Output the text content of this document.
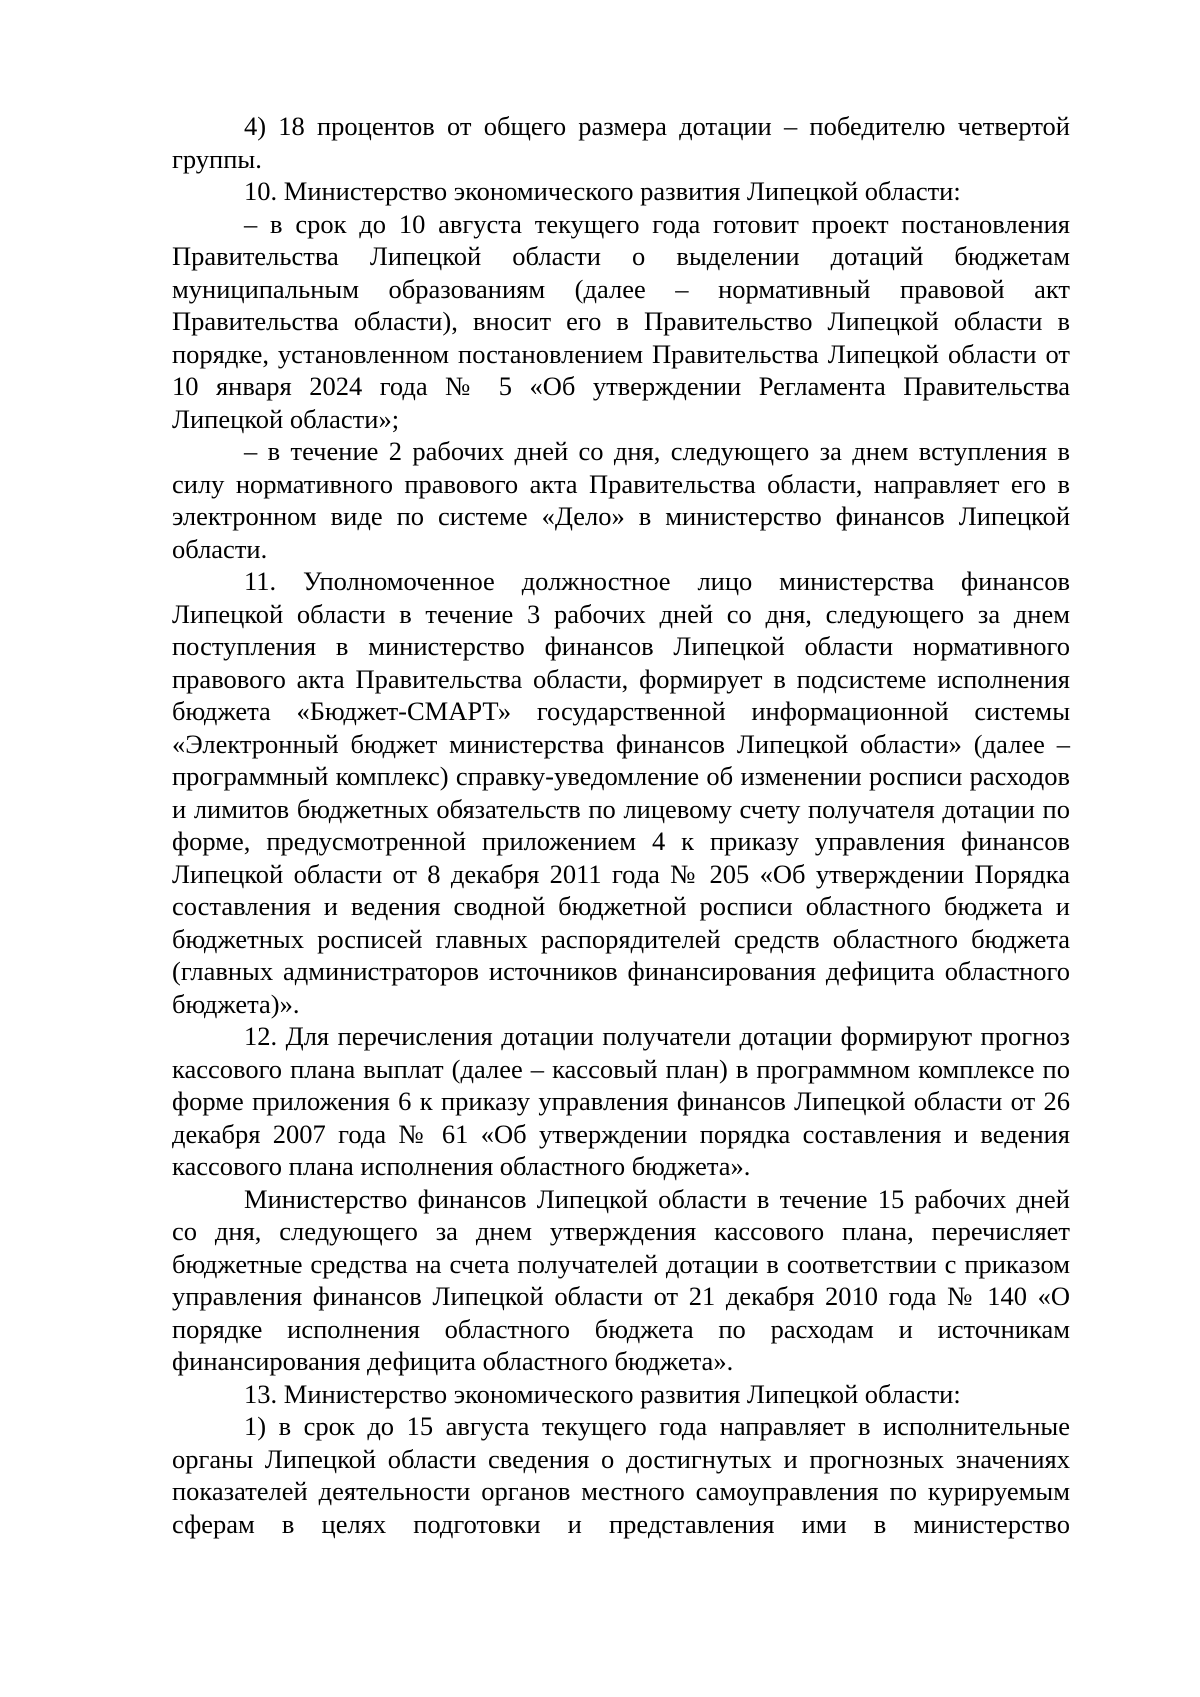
4) 18 процентов от общего размера дотации – победителю четвертой группы.

10. Министерство экономического развития Липецкой области:

– в срок до 10 августа текущего года готовит проект постановления Правительства Липецкой области о выделении дотаций бюджетам муниципальным образованиям (далее – нормативный правовой акт Правительства области), вносит его в Правительство Липецкой области в порядке, установленном постановлением Правительства Липецкой области от 10 января 2024 года № 5 «Об утверждении Регламента Правительства Липецкой области»;

– в течение 2 рабочих дней со дня, следующего за днем вступления в силу нормативного правового акта Правительства области, направляет его в электронном виде по системе «Дело» в министерство финансов Липецкой области.

11. Уполномоченное должностное лицо министерства финансов Липецкой области в течение 3 рабочих дней со дня, следующего за днем поступления в министерство финансов Липецкой области нормативного правового акта Правительства области, формирует в подсистеме исполнения бюджета «Бюджет-СМАРТ» государственной информационной системы «Электронный бюджет министерства финансов Липецкой области» (далее – программный комплекс) справку-уведомление об изменении росписи расходов и лимитов бюджетных обязательств по лицевому счету получателя дотации по форме, предусмотренной приложением 4 к приказу управления финансов Липецкой области от 8 декабря 2011 года № 205 «Об утверждении Порядка составления и ведения сводной бюджетной росписи областного бюджета и бюджетных росписей главных распорядителей средств областного бюджета (главных администраторов источников финансирования дефицита областного бюджета)».

12. Для перечисления дотации получатели дотации формируют прогноз кассового плана выплат (далее – кассовый план) в программном комплексе по форме приложения 6 к приказу управления финансов Липецкой области от 26 декабря 2007 года № 61 «Об утверждении порядка составления и ведения кассового плана исполнения областного бюджета».

Министерство финансов Липецкой области в течение 15 рабочих дней со дня, следующего за днем утверждения кассового плана, перечисляет бюджетные средства на счета получателей дотации в соответствии с приказом управления финансов Липецкой области от 21 декабря 2010 года № 140 «О порядке исполнения областного бюджета по расходам и источникам финансирования дефицита областного бюджета».

13. Министерство экономического развития Липецкой области:

1) в срок до 15 августа текущего года направляет в исполнительные органы Липецкой области сведения о достигнутых и прогнозных значениях показателей деятельности органов местного самоуправления по курируемым сферам в целях подготовки и представления ими в министерство
